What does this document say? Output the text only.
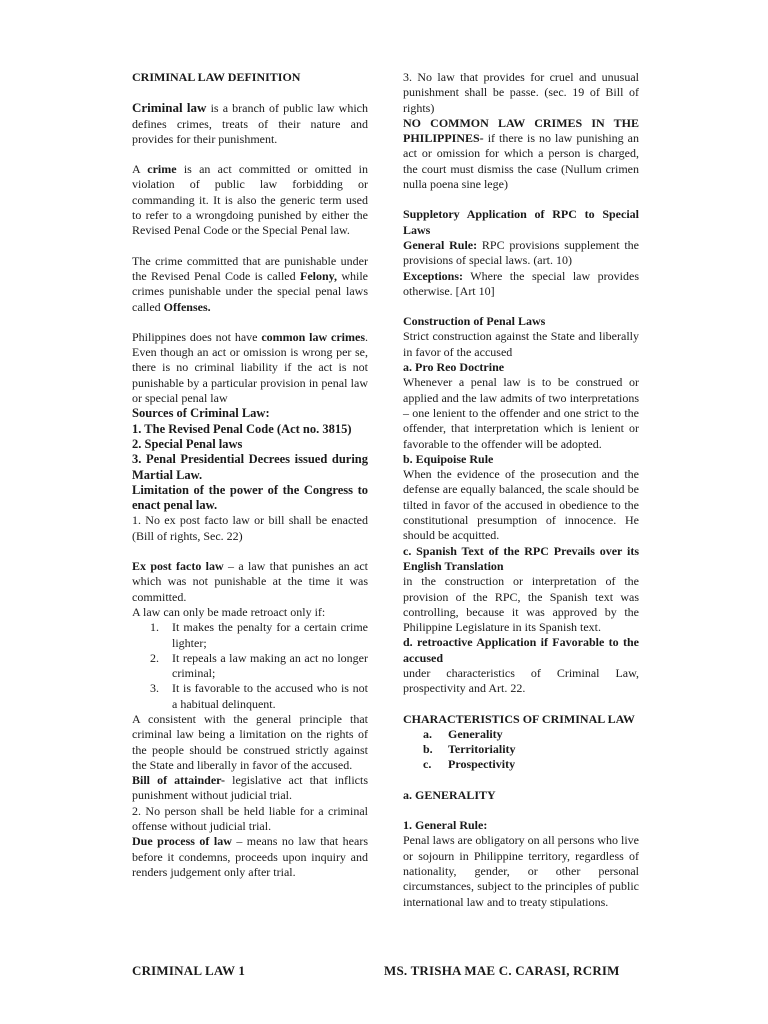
CRIMINAL LAW DEFINITION

Criminal law is a branch of public law which defines crimes, treats of their nature and provides for their punishment.

A crime is an act committed or omitted in violation of public law forbidding or commanding it. It is also the generic term used to refer to a wrongdoing punished by either the Revised Penal Code or the Special Penal law.

The crime committed that are punishable under the Revised Penal Code is called Felony, while crimes punishable under the special penal laws called Offenses.

Philippines does not have common law crimes. Even though an act or omission is wrong per se, there is no criminal liability if the act is not punishable by a particular provision in penal law or special penal law

Sources of Criminal Law:

1. The Revised Penal Code (Act no. 3815)

2. Special Penal laws

3. Penal Presidential Decrees issued during Martial Law.

Limitation of the power of the Congress to enact penal law.

1. No ex post facto law or bill shall be enacted (Bill of rights, Sec. 22)

Ex post facto law – a law that punishes an act which was not punishable at the time it was committed.

A law can only be made retroact only if:

1. It makes the penalty for a certain crime lighter;
2. It repeals a law making an act no longer criminal;
3. It is favorable to the accused who is not a habitual delinquent.

A consistent with the general principle that criminal law being a limitation on the rights of the people should be construed strictly against the State and liberally in favor of the accused.

Bill of attainder- legislative act that inflicts punishment without judicial trial.

2. No person shall be held liable for a criminal offense without judicial trial.

Due process of law – means no law that hears before it condemns, proceeds upon inquiry and renders judgement only after trial.

3. No law that provides for cruel and unusual punishment shall be passe. (sec. 19 of Bill of rights)

NO COMMON LAW CRIMES IN THE PHILIPPINES- if there is no law punishing an act or omission for which a person is charged, the court must dismiss the case (Nullum crimen nulla poena sine lege)

Suppletory Application of RPC to Special Laws

General Rule: RPC provisions supplement the provisions of special laws. (art. 10)

Exceptions: Where the special law provides otherwise. [Art 10]

Construction of Penal Laws

Strict construction against the State and liberally in favor of the accused

a. Pro Reo Doctrine

Whenever a penal law is to be construed or applied and the law admits of two interpretations – one lenient to the offender and one strict to the offender, that interpretation which is lenient or favorable to the offender will be adopted.

b. Equipoise Rule

When the evidence of the prosecution and the defense are equally balanced, the scale should be tilted in favor of the accused in obedience to the constitutional presumption of innocence. He should be acquitted.

c. Spanish Text of the RPC Prevails over its English Translation

in the construction or interpretation of the provision of the RPC, the Spanish text was controlling, because it was approved by the Philippine Legislature in its Spanish text.

d. retroactive Application if Favorable to the accused

under characteristics of Criminal Law, prospectivity and Art. 22.

CHARACTERISTICS OF CRIMINAL LAW

a. Generality
b. Territoriality
c. Prospectivity

a. GENERALITY

1. General Rule:

Penal laws are obligatory on all persons who live or sojourn in Philippine territory, regardless of nationality, gender, or other personal circumstances, subject to the principles of public international law and to treaty stipulations.

CRIMINAL LAW 1	MS. TRISHA MAE C. CARASI, RCRIM
